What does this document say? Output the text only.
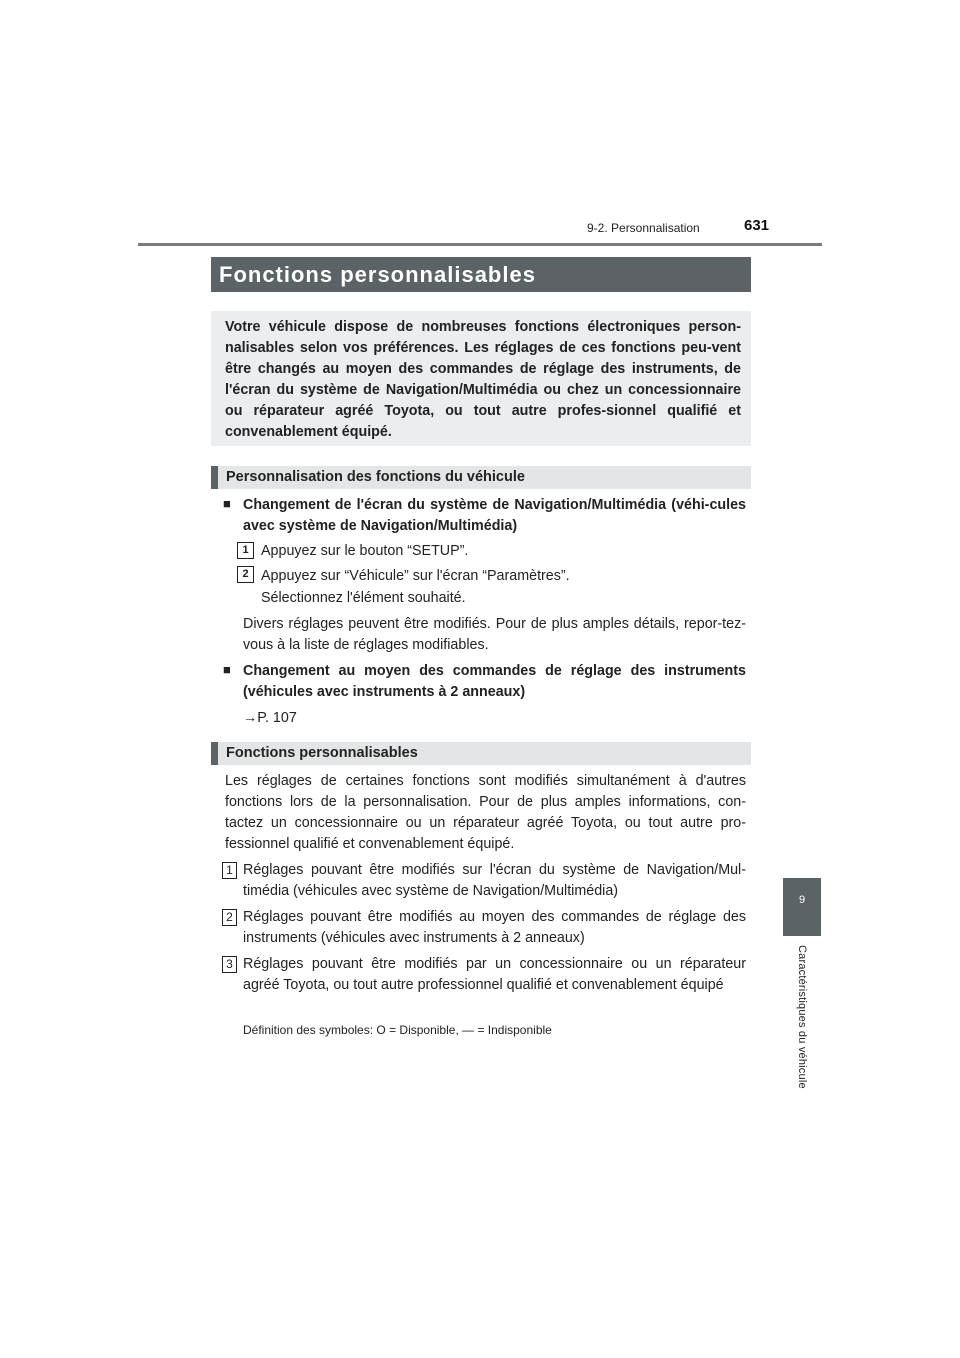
9-2. Personnalisation	631
9
Caractéristiques du véhicule
Fonctions personnalisables

Votre véhicule dispose de nombreuses fonctions électroniques person-nalisables selon vos préférences. Les réglages de ces fonctions peu-vent être changés au moyen des commandes de réglage des instruments, de l'écran du système de Navigation/Multimédia ou chez un concessionnaire ou réparateur agréé Toyota, ou tout autre profes-sionnel qualifié et convenablement équipé.

Personnalisation des fonctions du véhicule
■ Changement de l'écran du système de Navigation/Multimédia (véhi-cules avec système de Navigation/Multimédia)
1 Appuyez sur le bouton “SETUP”.
2 Appuyez sur “Véhicule” sur l'écran “Paramètres”.
Sélectionnez l'élément souhaité.
Divers réglages peuvent être modifiés. Pour de plus amples détails, repor-tez-vous à la liste de réglages modifiables.
■ Changement au moyen des commandes de réglage des instruments (véhicules avec instruments à 2 anneaux)
→P. 107
Fonctions personnalisables
Les réglages de certaines fonctions sont modifiés simultanément à d'autres fonctions lors de la personnalisation. Pour de plus amples informations, con-tactez un concessionnaire ou un réparateur agréé Toyota, ou tout autre pro-fessionnel qualifié et convenablement équipé.
1 Réglages pouvant être modifiés sur l'écran du système de Navigation/Mul-timédia (véhicules avec système de Navigation/Multimédia)
2 Réglages pouvant être modifiés au moyen des commandes de réglage des instruments (véhicules avec instruments à 2 anneaux)
3 Réglages pouvant être modifiés par un concessionnaire ou un réparateur agréé Toyota, ou tout autre professionnel qualifié et convenablement équipé
Définition des symboles: O = Disponible, — = Indisponible
